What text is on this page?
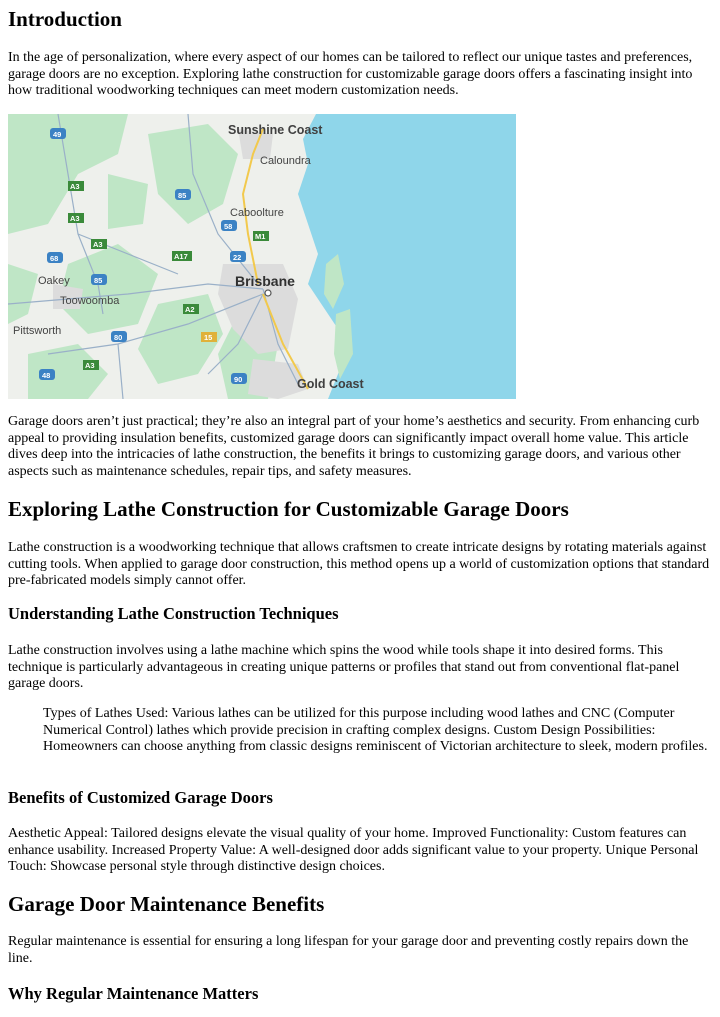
Introduction

In the age of personalization, where every aspect of our homes can be tailored to reflect our unique tastes and preferences, garage doors are no exception. Exploring lathe construction for customizable garage doors offers a fascinating insight into how traditional woodworking techniques can meet modern customization needs.

Sunshine Coast
Caloundra
Caboolture
Brisbane
Oakey
Toowoomba
Pittsworth
Gold Coast
49
A3
A3
A3
85
58
M1
A17	22
68
85
A2
80	15
A3
48	90

Garage doors aren’t just practical; they’re also an integral part of your home’s aesthetics and security. From enhancing curb appeal to providing insulation benefits, customized garage doors can significantly impact overall home value. This article dives deep into the intricacies of lathe construction, the benefits it brings to customizing garage doors, and various other aspects such as maintenance schedules, repair tips, and safety measures.

Exploring Lathe Construction for Customizable Garage Doors

Lathe construction is a woodworking technique that allows craftsmen to create intricate designs by rotating materials against cutting tools. When applied to garage door construction, this method opens up a world of customization options that standard pre-fabricated models simply cannot offer.

Understanding Lathe Construction Techniques

Lathe construction involves using a lathe machine which spins the wood while tools shape it into desired forms. This technique is particularly advantageous in creating unique patterns or profiles that stand out from conventional flat-panel garage doors.

Types of Lathes Used: Various lathes can be utilized for this purpose including wood lathes and CNC (Computer Numerical Control) lathes which provide precision in crafting complex designs. Custom Design Possibilities: Homeowners can choose anything from classic designs reminiscent of Victorian architecture to sleek, modern profiles.

Benefits of Customized Garage Doors

Aesthetic Appeal: Tailored designs elevate the visual quality of your home. Improved Functionality: Custom features can enhance usability. Increased Property Value: A well-designed door adds significant value to your property. Unique Personal Touch: Showcase personal style through distinctive design choices.

Garage Door Maintenance Benefits

Regular maintenance is essential for ensuring a long lifespan for your garage door and preventing costly repairs down the line.

Why Regular Maintenance Matters
